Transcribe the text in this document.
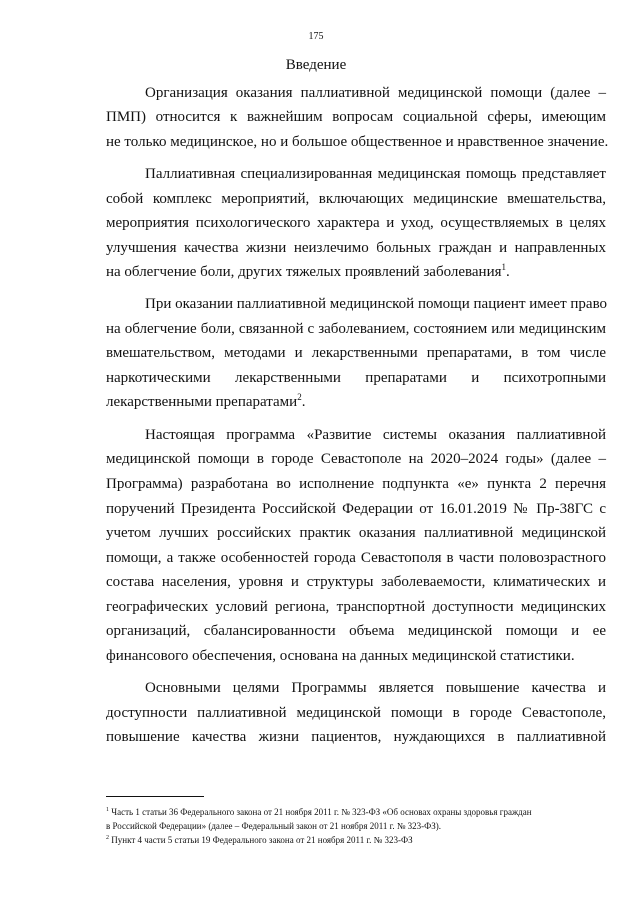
175
Введение
Организация оказания паллиативной медицинской помощи (далее –
ПМП) относится к важнейшим вопросам социальной сферы, имеющим
не только медицинское, но и большое общественное и нравственное значение.
Паллиативная специализированная медицинская помощь представляет
собой комплекс мероприятий, включающих медицинские вмешательства,
мероприятия психологического характера и уход, осуществляемых в целях
улучшения качества жизни неизлечимо больных граждан и направленных
на облегчение боли, других тяжелых проявлений заболевания$^1$.
При оказании паллиативной медицинской помощи пациент имеет право
на облегчение боли, связанной с заболеванием, состоянием или медицинским
вмешательством, методами и лекарственными препаратами, в том числе
наркотическими лекарственными препаратами и психотропными
лекарственными препаратами$^2$.
Настоящая программа «Развитие системы оказания паллиативной
медицинской помощи в городе Севастополе на 2020–2024 годы» (далее –
Программа) разработана во исполнение подпункта «е» пункта 2 перечня
поручений Президента Российской Федерации от 16.01.2019 № Пр-38ГС с
учетом лучших российских практик оказания паллиативной медицинской
помощи, а также особенностей города Севастополя в части половозрастного
состава населения, уровня и структуры заболеваемости, климатических и
географических условий региона, транспортной доступности медицинских
организаций, сбалансированности объема медицинской помощи и ее
финансового обеспечения, основана на данных медицинской статистики.
Основными целями Программы является повышение качества и
доступности паллиативной медицинской помощи в городе Севастополе,
повышение качества жизни пациентов, нуждающихся в паллиативной
$^1$ Часть 1 статьи 36 Федерального закона от 21 ноября 2011 г. № 323-ФЗ «Об основах охраны здоровья граждан
в Российской Федерации» (далее – Федеральный закон от 21 ноября 2011 г. № 323-ФЗ).
$^2$ Пункт 4 части 5 статьи 19 Федерального закона от 21 ноября 2011 г. № 323-ФЗ
